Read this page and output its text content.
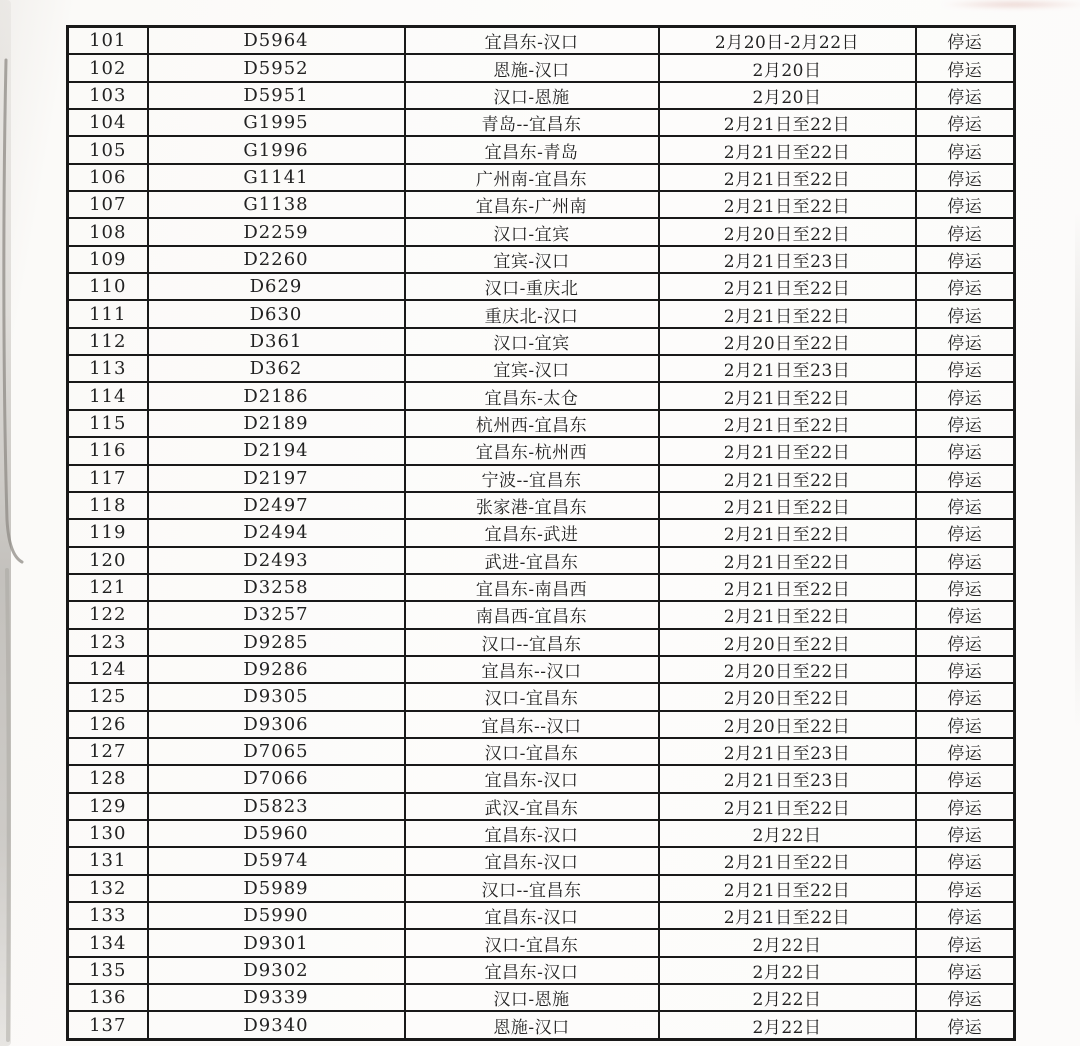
101	D5964	宜昌东-汉口	2月20日-2月22日	停运
102	D5952	恩施-汉口	2月20日	停运
103	D5951	汉口-恩施	2月20日	停运
104	G1995	青岛--宜昌东	2月21日至22日	停运
105	G1996	宜昌东-青岛	2月21日至22日	停运
106	G1141	广州南-宜昌东	2月21日至22日	停运
107	G1138	宜昌东-广州南	2月21日至22日	停运
108	D2259	汉口-宜宾	2月20日至22日	停运
109	D2260	宜宾-汉口	2月21日至23日	停运
110	D629	汉口-重庆北	2月21日至22日	停运
111	D630	重庆北-汉口	2月21日至22日	停运
112	D361	汉口-宜宾	2月20日至22日	停运
113	D362	宜宾-汉口	2月21日至23日	停运
114	D2186	宜昌东-太仓	2月21日至22日	停运
115	D2189	杭州西-宜昌东	2月21日至22日	停运
116	D2194	宜昌东-杭州西	2月21日至22日	停运
117	D2197	宁波--宜昌东	2月21日至22日	停运
118	D2497	张家港-宜昌东	2月21日至22日	停运
119	D2494	宜昌东-武进	2月21日至22日	停运
120	D2493	武进-宜昌东	2月21日至22日	停运
121	D3258	宜昌东-南昌西	2月21日至22日	停运
122	D3257	南昌西-宜昌东	2月21日至22日	停运
123	D9285	汉口--宜昌东	2月20日至22日	停运
124	D9286	宜昌东--汉口	2月20日至22日	停运
125	D9305	汉口-宜昌东	2月20日至22日	停运
126	D9306	宜昌东--汉口	2月20日至22日	停运
127	D7065	汉口-宜昌东	2月21日至23日	停运
128	D7066	宜昌东-汉口	2月21日至23日	停运
129	D5823	武汉-宜昌东	2月21日至22日	停运
130	D5960	宜昌东-汉口	2月22日	停运
131	D5974	宜昌东-汉口	2月21日至22日	停运
132	D5989	汉口--宜昌东	2月21日至22日	停运
133	D5990	宜昌东-汉口	2月21日至22日	停运
134	D9301	汉口-宜昌东	2月22日	停运
135	D9302	宜昌东-汉口	2月22日	停运
136	D9339	汉口-恩施	2月22日	停运
137	D9340	恩施-汉口	2月22日	停运
